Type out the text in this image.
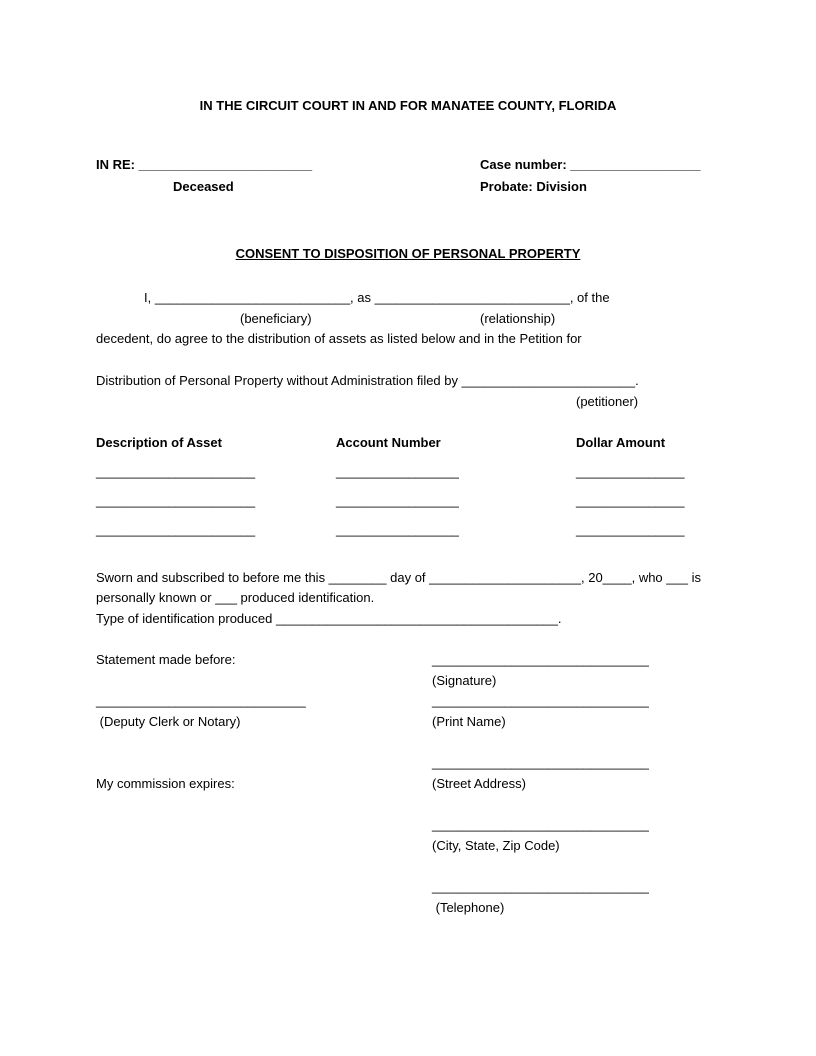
IN THE CIRCUIT COURT IN AND FOR MANATEE COUNTY, FLORIDA
IN RE: ________________________
Deceased
Case number: __________________
Probate: Division
CONSENT TO DISPOSITION OF PERSONAL PROPERTY
I, ___________________________, as ___________________________, of the
(beneficiary)	(relationship)
decedent, do agree to the distribution of assets as listed below and in the Petition for
Distribution of Personal Property without Administration filed by ________________________.
(petitioner)
Description of Asset	Account Number	Dollar Amount
______________________	_________________	_______________
______________________	_________________	_______________
______________________	_________________	_______________
Sworn and subscribed to before me this ________ day of _____________________, 20____, who ___ is
personally known or ___ produced identification.
Type of identification produced _______________________________________.
Statement made before:
_____________________________
(Deputy Clerk or Notary)
My commission expires:
______________________________
(Signature)
______________________________
(Print Name)
______________________________
(Street Address)
______________________________
(City, State, Zip Code)
______________________________
(Telephone)
